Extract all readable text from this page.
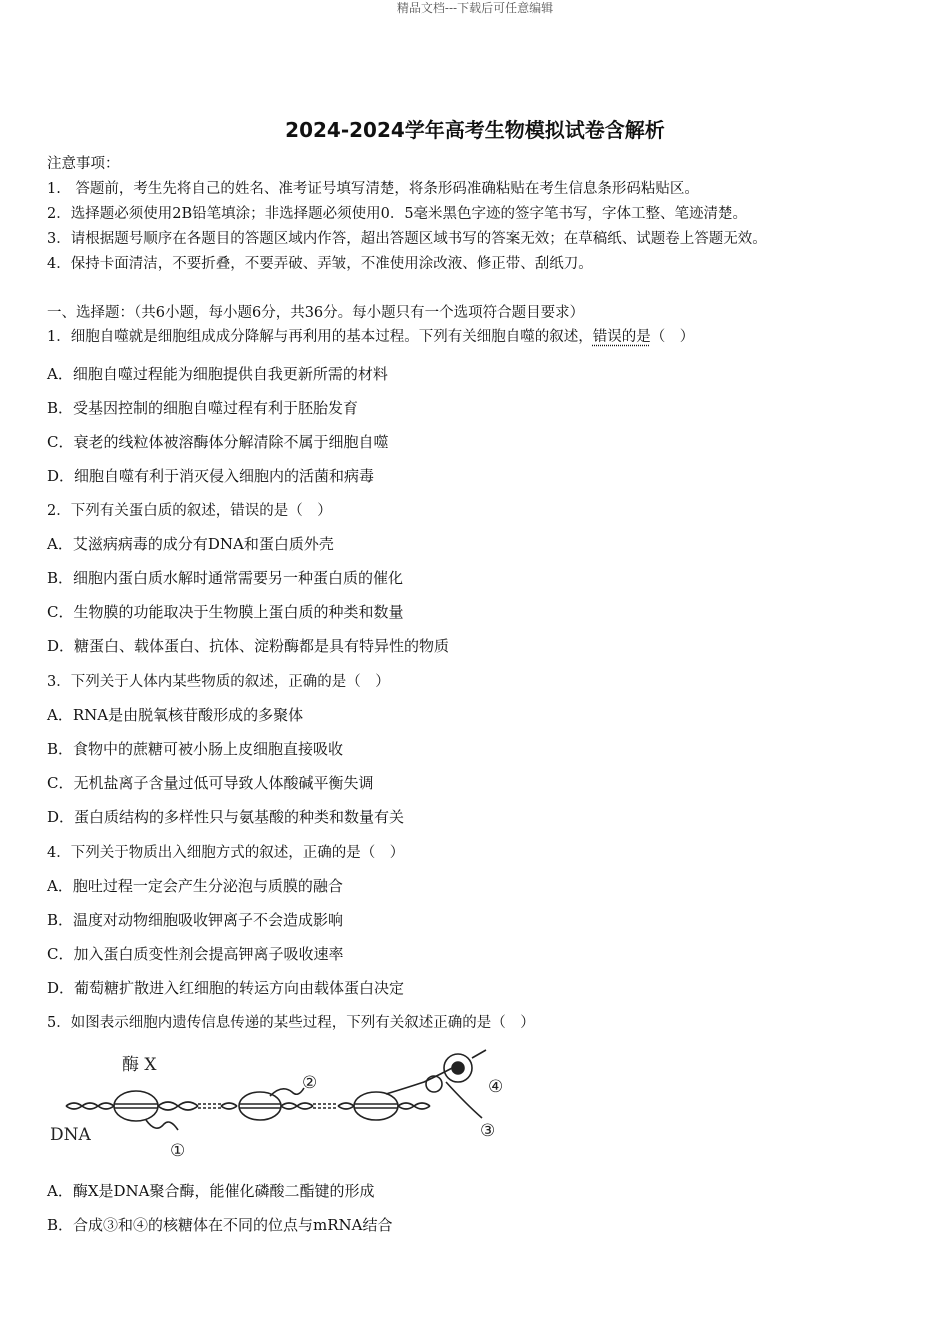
精品文档---下载后可任意编辑
2024-2024学年高考生物模拟试卷含解析
注意事项：
1.　答题前，考生先将自己的姓名、准考证号填写清楚，将条形码准确粘贴在考生信息条形码粘贴区。
2．选择题必须使用2B铅笔填涂；非选择题必须使用0．5毫米黑色字迹的签字笔书写，字体工整、笔迹清楚。
3．请根据题号顺序在各题目的答题区域内作答，超出答题区域书写的答案无效；在草稿纸、试题卷上答题无效。
4．保持卡面清洁，不要折叠，不要弄破、弄皱，不准使用涂改液、修正带、刮纸刀。
一、选择题：（共6小题，每小题6分，共36分。每小题只有一个选项符合题目要求）
1．细胞自噬就是细胞组成成分降解与再利用的基本过程。下列有关细胞自噬的叙述，错误的是（　）
A．细胞自噬过程能为细胞提供自我更新所需的材料
B．受基因控制的细胞自噬过程有利于胚胎发育
C．衰老的线粒体被溶酶体分解清除不属于细胞自噬
D．细胞自噬有利于消灭侵入细胞内的活菌和病毒
2．下列有关蛋白质的叙述，错误的是（　）
A．艾滋病病毒的成分有DNA和蛋白质外壳
B．细胞内蛋白质水解时通常需要另一种蛋白质的催化
C．生物膜的功能取决于生物膜上蛋白质的种类和数量
D．糖蛋白、载体蛋白、抗体、淀粉酶都是具有特异性的物质
3．下列关于人体内某些物质的叙述，正确的是（　）
A．RNA是由脱氧核苷酸形成的多聚体
B．食物中的蔗糖可被小肠上皮细胞直接吸收
C．无机盐离子含量过低可导致人体酸碱平衡失调
D．蛋白质结构的多样性只与氨基酸的种类和数量有关
4．下列关于物质出入细胞方式的叙述，正确的是（　）
A．胞吐过程一定会产生分泌泡与质膜的融合
B．温度对动物细胞吸收钾离子不会造成影响
C．加入蛋白质变性剂会提高钾离子吸收速率
D．葡萄糖扩散进入红细胞的转运方向由载体蛋白决定
5．如图表示细胞内遗传信息传递的某些过程，下列有关叙述正确的是（　）
酶 X
DNA
①
②
③
④
A．酶X是DNA聚合酶，能催化磷酸二酯键的形成
B．合成③和④的核糖体在不同的位点与mRNA结合
